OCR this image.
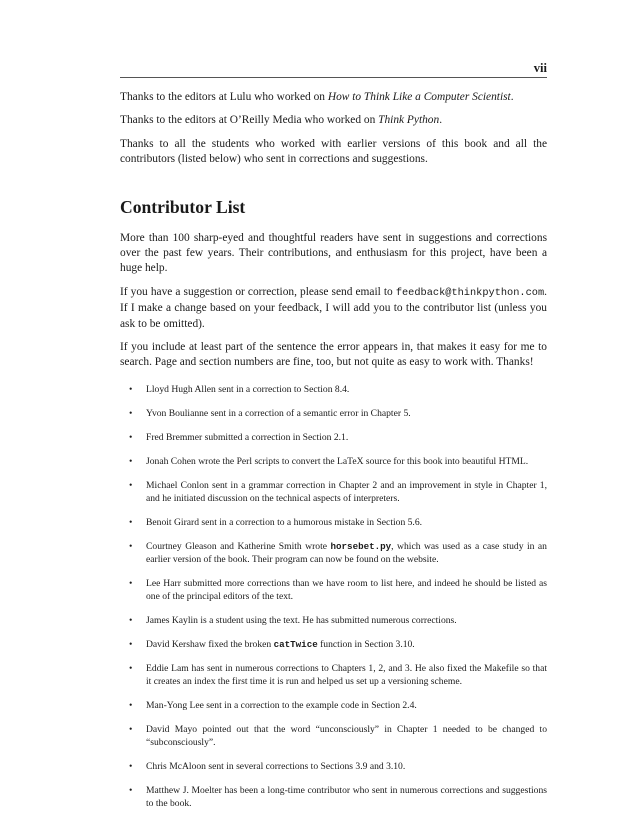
vii

Thanks to the editors at Lulu who worked on How to Think Like a Computer Scientist.

Thanks to the editors at O’Reilly Media who worked on Think Python.

Thanks to all the students who worked with earlier versions of this book and all the contributors (listed below) who sent in corrections and suggestions.

Contributor List

More than 100 sharp-eyed and thoughtful readers have sent in suggestions and corrections over the past few years. Their contributions, and enthusiasm for this project, have been a huge help.

If you have a suggestion or correction, please send email to feedback@thinkpython.com. If I make a change based on your feedback, I will add you to the contributor list (unless you ask to be omitted).

If you include at least part of the sentence the error appears in, that makes it easy for me to search. Page and section numbers are fine, too, but not quite as easy to work with. Thanks!

• Lloyd Hugh Allen sent in a correction to Section 8.4.
• Yvon Boulianne sent in a correction of a semantic error in Chapter 5.
• Fred Bremmer submitted a correction in Section 2.1.
• Jonah Cohen wrote the Perl scripts to convert the LaTeX source for this book into beautiful HTML.
• Michael Conlon sent in a grammar correction in Chapter 2 and an improvement in style in Chapter 1, and he initiated discussion on the technical aspects of interpreters.
• Benoit Girard sent in a correction to a humorous mistake in Section 5.6.
• Courtney Gleason and Katherine Smith wrote horsebet.py, which was used as a case study in an earlier version of the book. Their program can now be found on the website.
• Lee Harr submitted more corrections than we have room to list here, and indeed he should be listed as one of the principal editors of the text.
• James Kaylin is a student using the text. He has submitted numerous corrections.
• David Kershaw fixed the broken catTwice function in Section 3.10.
• Eddie Lam has sent in numerous corrections to Chapters 1, 2, and 3. He also fixed the Makefile so that it creates an index the first time it is run and helped us set up a versioning scheme.
• Man-Yong Lee sent in a correction to the example code in Section 2.4.
• David Mayo pointed out that the word “unconsciously” in Chapter 1 needed to be changed to “subconsciously”.
• Chris McAloon sent in several corrections to Sections 3.9 and 3.10.
• Matthew J. Moelter has been a long-time contributor who sent in numerous corrections and suggestions to the book.
